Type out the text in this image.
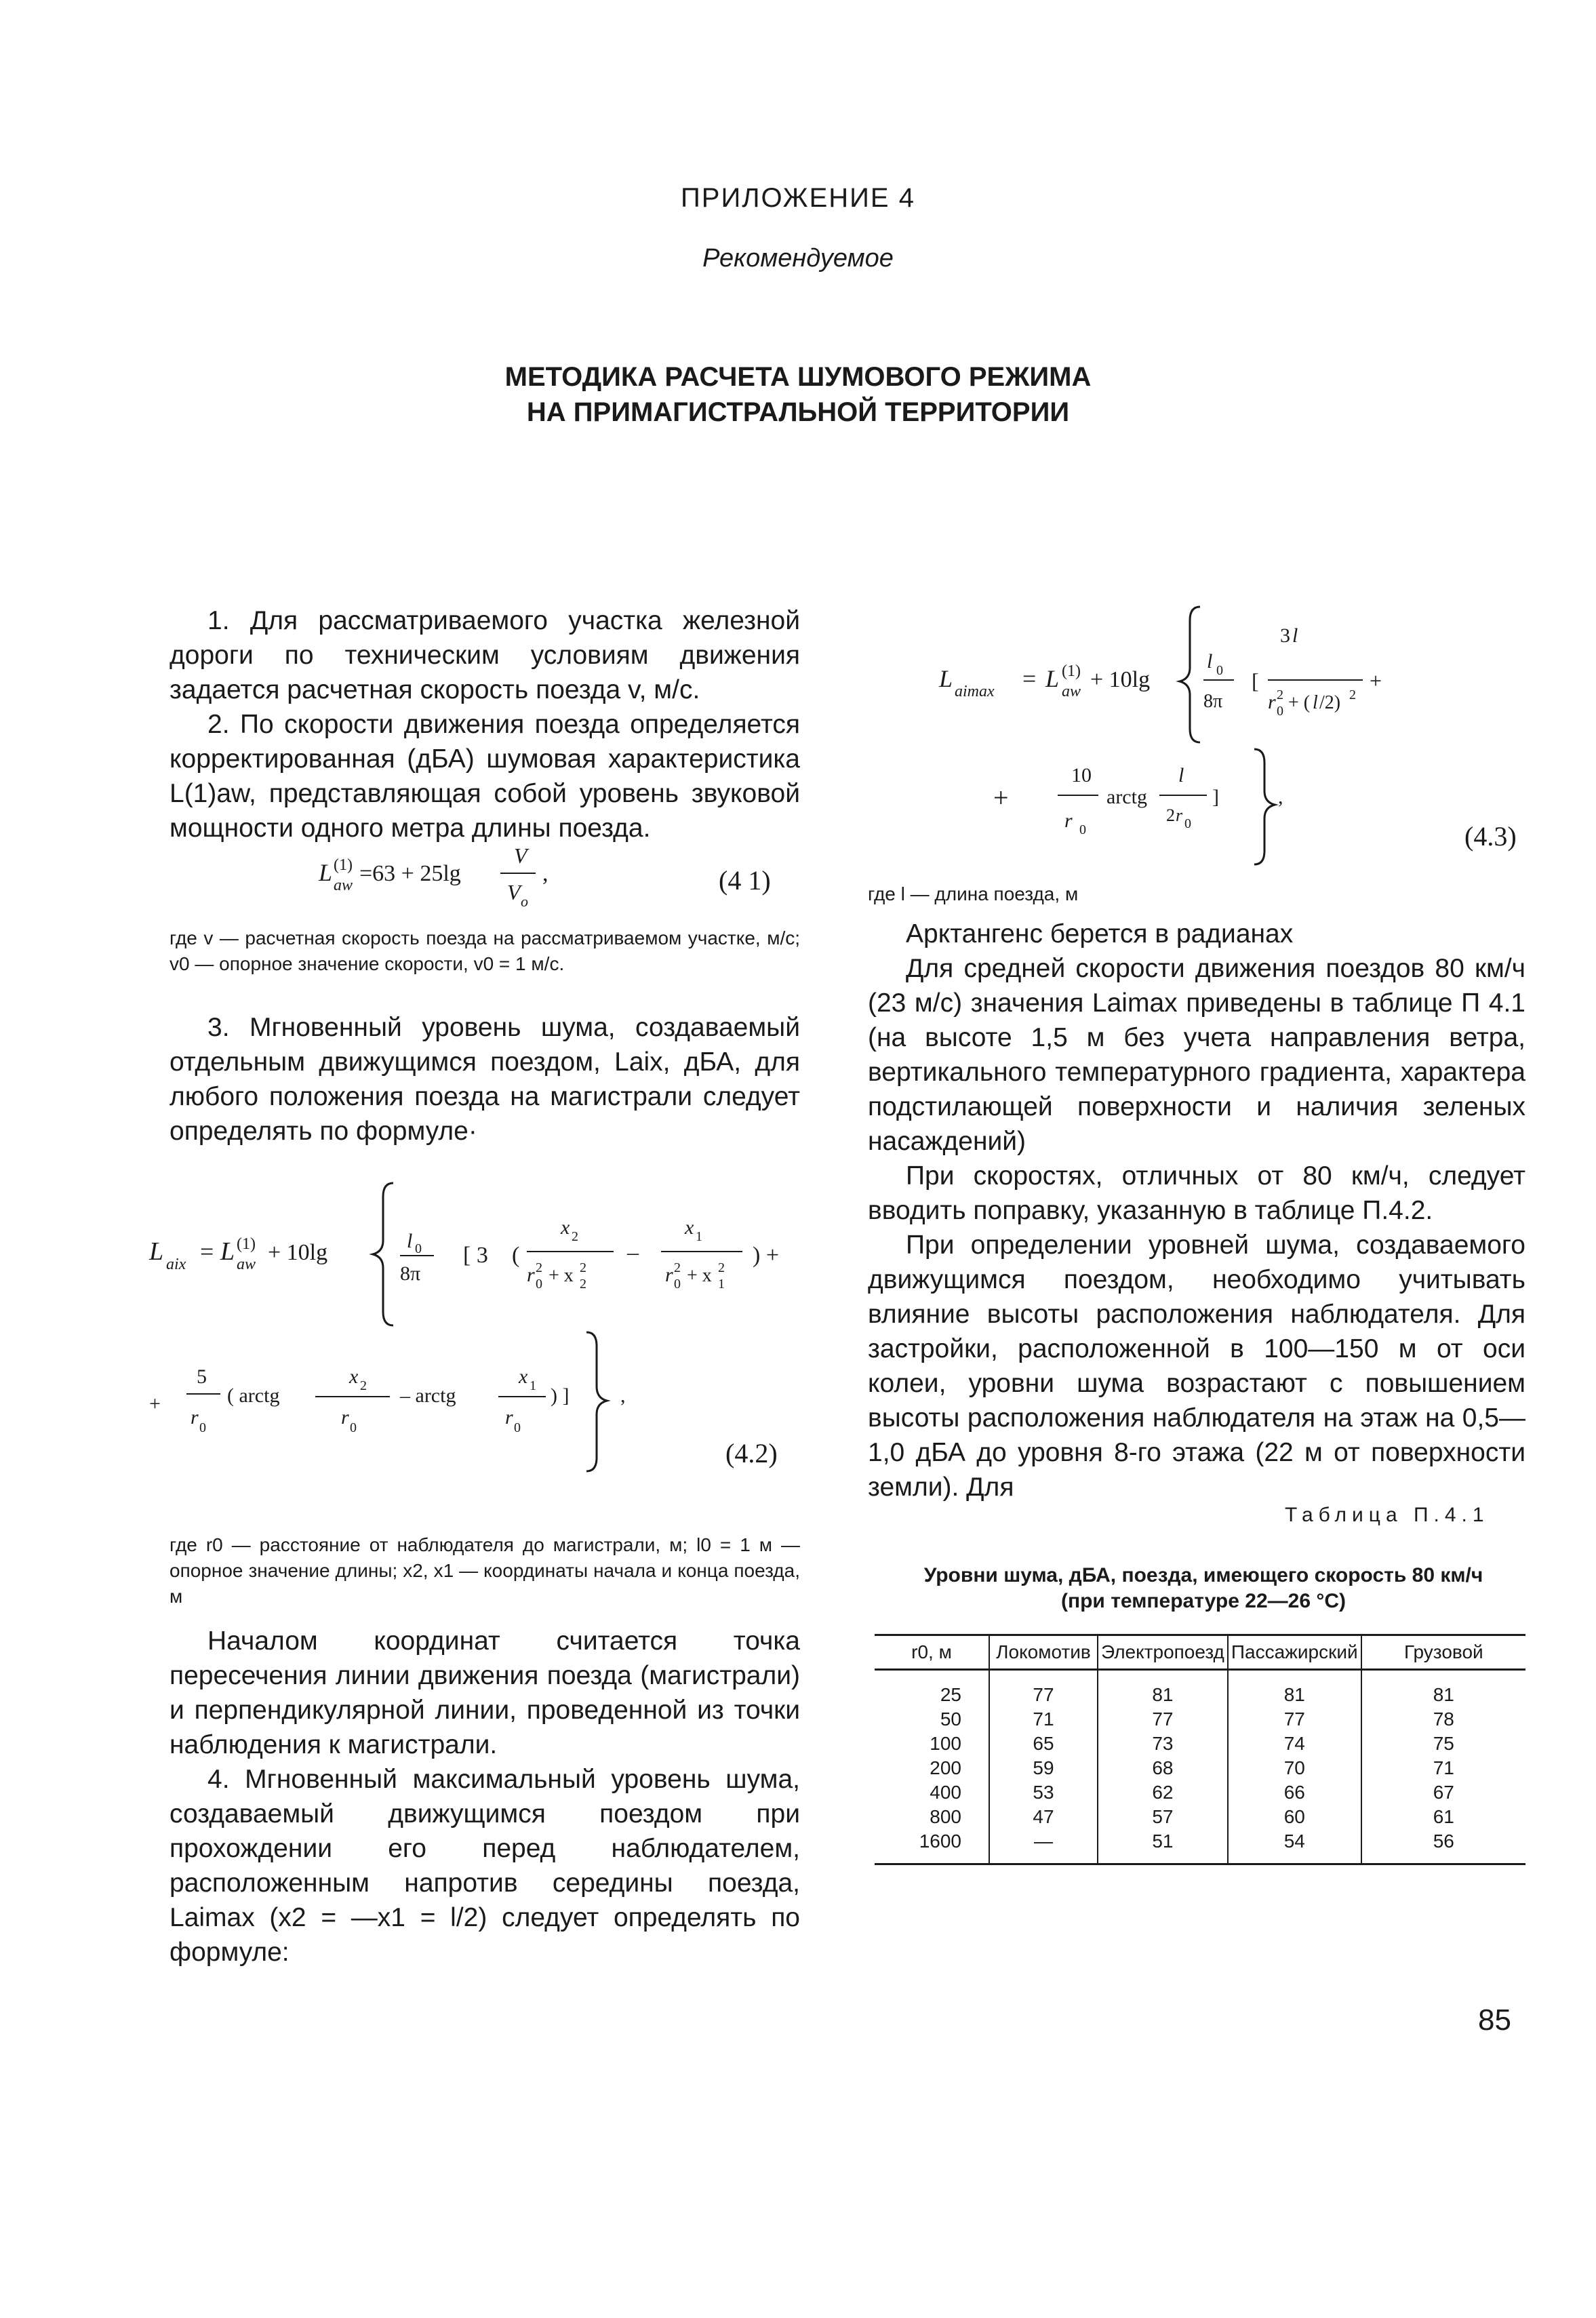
ПРИЛОЖЕНИЕ 4
Рекомендуемое
МЕТОДИКА РАСЧЕТА ШУМОВОГО РЕЖИМА
НА ПРИМАГИСТРАЛЬНОЙ ТЕРРИТОРИИ

1. Для рассматриваемого участка железной дороги по техническим условиям движения задается расчетная скорость поезда v, м/с.

2. По скорости движения поезда определяется корректированная (дБА) шумовая характеристика L(1)aw, представляющая собой уровень звуковой мощности одного метра длины поезда.

L (1)
aw =63 + 25lg
V
V o
,	(4 1)

где v — расчетная скорость поезда на рассматриваемом участке, м/с; v0 — опорное значение скорости, v0 = 1 м/с.

3. Мгновенный уровень шума, создаваемый отдельным движущимся поездом, Laix, дБА, для любого положения поезда на магистрали следует определять по формуле·

L aix = L (1)
aw + 10lg	l 0
8π
[ 3 (
x 2
r 2
0 + x 2
2
–
x 1
r 2
0 + x 2
1
) +
+
5
r 0
( arctg
x 2
r 0
– arctg
x 1
r 0
) ]	,
(4.2)

где r0 — расстояние от наблюдателя до магистрали, м; l0 = 1 м — опорное значение длины; x2, x1 — координаты начала и конца поезда, м

Началом координат считается точка пересечения линии движения поезда (магистрали) и перпендикулярной линии, проведенной из точки наблюдения к магистрали.

4. Мгновенный максимальный уровень шума, создаваемый движущимся поездом при прохождении его перед наблюдателем, расположенным напротив середины поезда, Laimax (x2 = —x1 = l/2) следует определять по формуле:

L aimax = L (1)
aw + 10lg
l 0
8π
[
3 l
r 2
0 + ( l /2) 2
+
+
10
r 0
arctg
l
2 r 0
]	,
(4.3)

где l — длина поезда, м

Арктангенс берется в радианах

Для средней скорости движения поездов 80 км/ч (23 м/с) значения Laimax приведены в таблице П 4.1 (на высоте 1,5 м без учета направления ветра, вертикального температурного градиента, характера подстилающей поверхности и наличия зеленых насаждений)

При скоростях, отличных от 80 км/ч, следует вводить поправку, указанную в таблице П.4.2.

При определении уровней шума, создаваемого движущимся поездом, необходимо учитывать влияние высоты расположения наблюдателя. Для застройки, расположенной в 100—150 м от оси колеи, уровни шума возрастают с повышением высоты расположения наблюдателя на этаж на 0,5—1,0 дБА до уровня 8-го этажа (22 м от поверхности земли). Для

Таблица П.4.1
Уровни шума, дБА, поезда, имеющего скорость 80 км/ч
(при температуре 22—26 °С)
r0, м	Локомотив	Электропоезд	Пассажирский	Грузовой
25	77	81	81	81
50	71	77	77	78
100	65	73	74	75
200	59	68	70	71
400	53	62	66	67
800	47	57	60	61
1600	—	51	54	56
85
